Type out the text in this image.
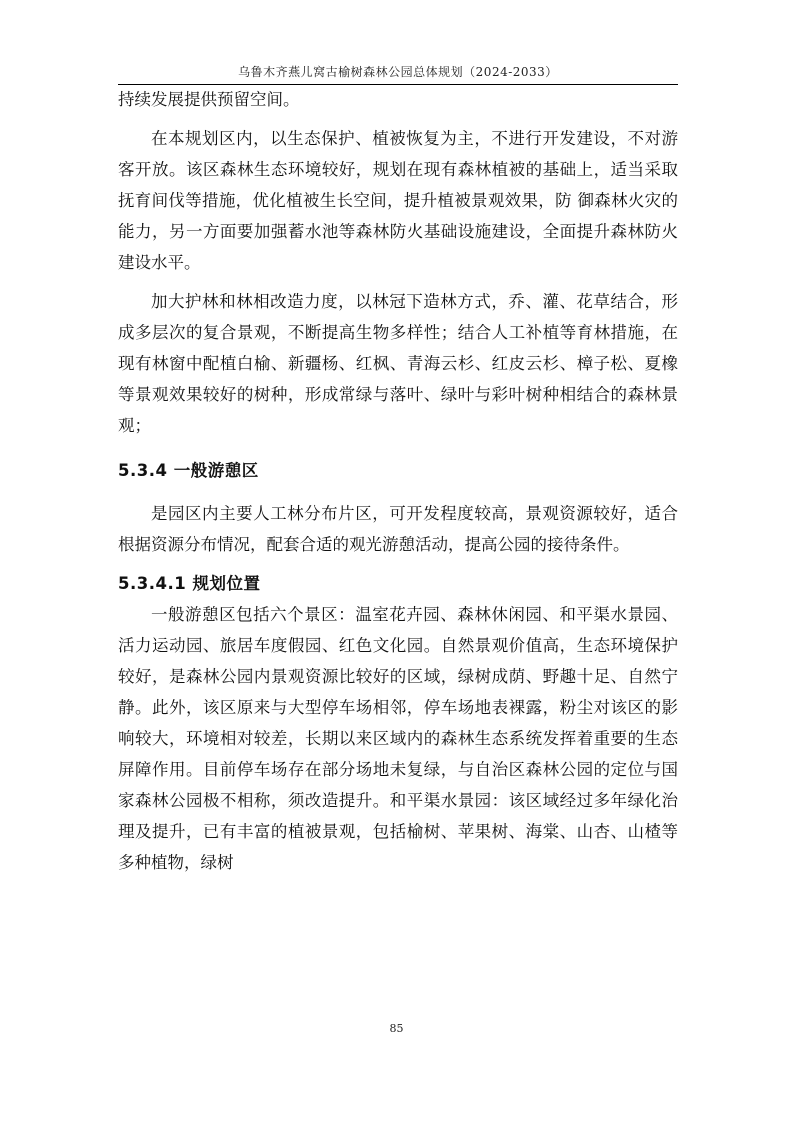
乌鲁木齐燕儿窝古榆树森林公园总体规划（2024-2033）

持续发展提供预留空间。

在本规划区内，以生态保护、植被恢复为主，不进行开发建设，不对游客开放。该区森林生态环境较好，规划在现有森林植被的基础上，适当采取抚育间伐等措施，优化植被生长空间，提升植被景观效果，防 御森林火灾的能力，另一方面要加强蓄水池等森林防火基础设施建设，全面提升森林防火建设水平。

加大护林和林相改造力度，以林冠下造林方式，乔、灌、花草结合，形成多层次的复合景观，不断提高生物多样性；结合人工补植等育林措施，在现有林窗中配植白榆、新疆杨、红枫、青海云杉、红皮云杉、樟子松、夏橡等景观效果较好的树种，形成常绿与落叶、绿叶与彩叶树种相结合的森林景观；

5.3.4 一般游憩区

是园区内主要人工林分布片区，可开发程度较高，景观资源较好，适合根据资源分布情况，配套合适的观光游憩活动，提高公园的接待条件。

5.3.4.1 规划位置

一般游憩区包括六个景区：温室花卉园、森林休闲园、和平渠水景园、活力运动园、旅居车度假园、红色文化园。自然景观价值高，生态环境保护较好，是森林公园内景观资源比较好的区域，绿树成荫、野趣十足、自然宁静。此外，该区原来与大型停车场相邻，停车场地表裸露，粉尘对该区的影响较大，环境相对较差，长期以来区域内的森林生态系统发挥着重要的生态屏障作用。目前停车场存在部分场地未复绿，与自治区森林公园的定位与国家森林公园极不相称，须改造提升。和平渠水景园：该区域经过多年绿化治理及提升，已有丰富的植被景观，包括榆树、苹果树、海棠、山杏、山楂等多种植物，绿树

85
